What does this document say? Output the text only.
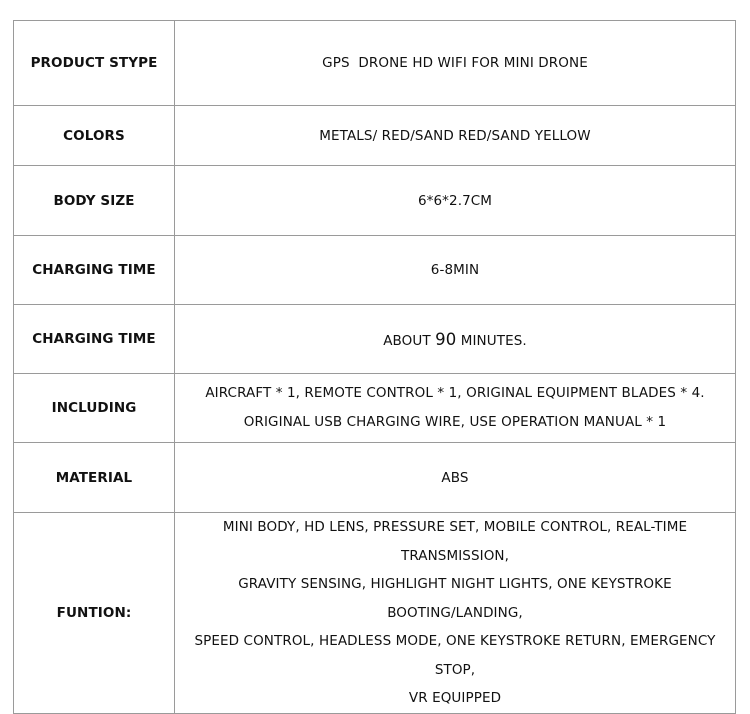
PRODUCT STYPE	GPS  DRONE HD WIFI FOR MINI DRONE
COLORS	METALS/ RED/SAND RED/SAND YELLOW
BODY SIZE	6*6*2.7CM
CHARGING TIME	6-8MIN
CHARGING TIME	ABOUT 90 MINUTES.
INCLUDING	AIRCRAFT * 1, REMOTE CONTROL * 1, ORIGINAL EQUIPMENT BLADES * 4.
ORIGINAL USB CHARGING WIRE, USE OPERATION MANUAL * 1

MATERIAL	ABS
FUNTION:	MINI BODY, HD LENS, PRESSURE SET, MOBILE CONTROL, REAL-TIME TRANSMISSION,
GRAVITY SENSING, HIGHLIGHT NIGHT LIGHTS, ONE KEYSTROKE BOOTING/LANDING,
SPEED CONTROL, HEADLESS MODE, ONE KEYSTROKE RETURN, EMERGENCY STOP,
VR EQUIPPED
